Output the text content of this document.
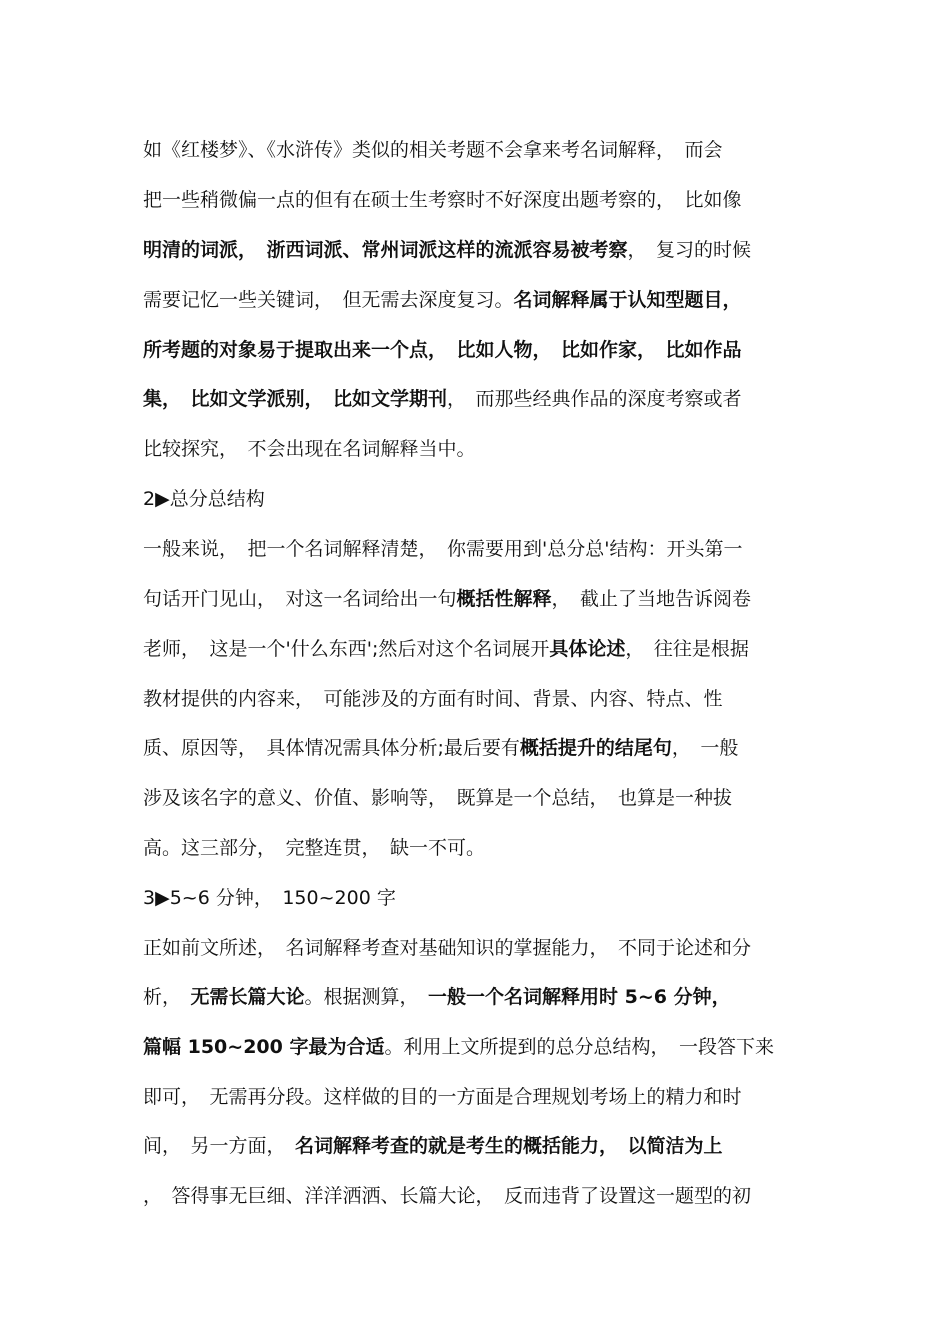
如《红楼梦》、《水浒传》类似的相关考题不会拿来考名词解释，　而会
把一些稍微偏一点的但有在硕士生考察时不好深度出题考察的，　比如像
明清的词派，　浙西词派、常州词派这样的流派容易被考察，　复习的时候
需要记忆一些关键词，　但无需去深度复习。名词解释属于认知型题目，
所考题的对象易于提取出来一个点，　比如人物，　比如作家，　比如作品
集，　比如文学派别，　比如文学期刊，　而那些经典作品的深度考察或者
比较探究，　不会出现在名词解释当中。
2▶总分总结构
一般来说，　把一个名词解释清楚，　你需要用到'总分总'结构：开头第一
句话开门见山，　对这一名词给出一句概括性解释，　截止了当地告诉阅卷
老师，　这是一个'什么东西';然后对这个名词展开具体论述，　往往是根据
教材提供的内容来，　可能涉及的方面有时间、背景、内容、特点、性
质、原因等，　具体情况需具体分析;最后要有概括提升的结尾句，　一般
涉及该名字的意义、价值、影响等，　既算是一个总结，　也算是一种拔
高。这三部分，　完整连贯，　缺一不可。
3▶5~6 分钟，　150~200 字
正如前文所述，　名词解释考查对基础知识的掌握能力，　不同于论述和分
析，　无需长篇大论。根据测算，　一般一个名词解释用时 5~6 分钟，
篇幅 150~200 字最为合适。利用上文所提到的总分总结构，　一段答下来
即可，　无需再分段。这样做的目的一方面是合理规划考场上的精力和时
间，　另一方面，　名词解释考查的就是考生的概括能力，　以简洁为上
，　答得事无巨细、洋洋洒洒、长篇大论，　反而违背了设置这一题型的初
